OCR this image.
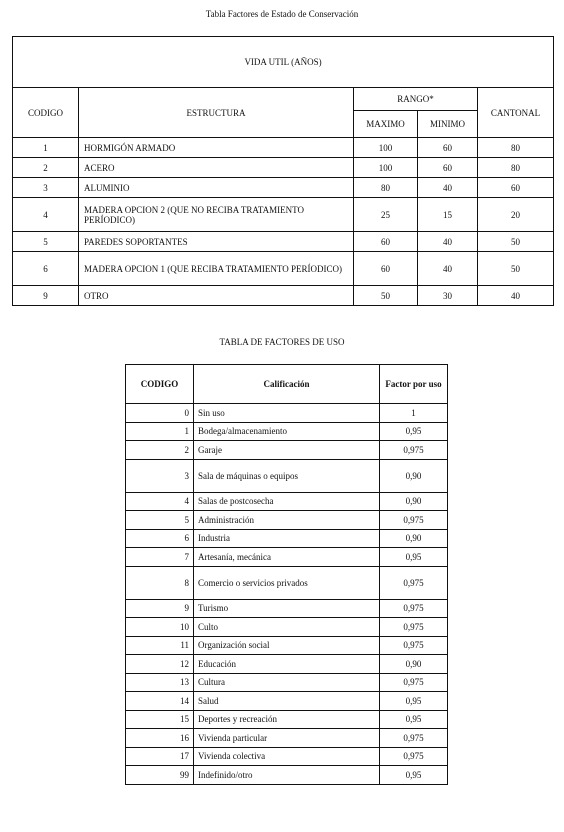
Tabla Factores de Estado de Conservación
VIDA UTIL (AÑOS)				
CODIGO	ESTRUCTURA	RANGO*		CANTONAL
		MAXIMO	MINIMO	
1	HORMIGÓN ARMADO	100	60	80
2	ACERO	100	60	80
3	ALUMINIO	80	40	60
4	MADERA OPCION 2 (QUE NO RECIBA TRATAMIENTO PERÍODICO)	25	15	20
5	PAREDES SOPORTANTES	60	40	50
6	MADERA OPCION 1 (QUE RECIBA TRATAMIENTO PERÍODICO)	60	40	50
9	OTRO	50	30	40
TABLA DE FACTORES DE USO
CODIGO	Calificación	Factor por uso
0	Sin uso	1
1	Bodega/almacenamiento	0,95
2	Garaje	0,975
3	Sala de máquinas o equipos	0,90
4	Salas de postcosecha	0,90
5	Administración	0,975
6	Industria	0,90
7	Artesanía, mecánica	0,95
8	Comercio o servicios privados	0,975
9	Turismo	0,975
10	Culto	0,975
11	Organización social	0,975
12	Educación	0,90
13	Cultura	0,975
14	Salud	0,95
15	Deportes y recreación	0,95
16	Vivienda particular	0,975
17	Vivienda colectiva	0,975
99	Indefinido/otro	0,95
